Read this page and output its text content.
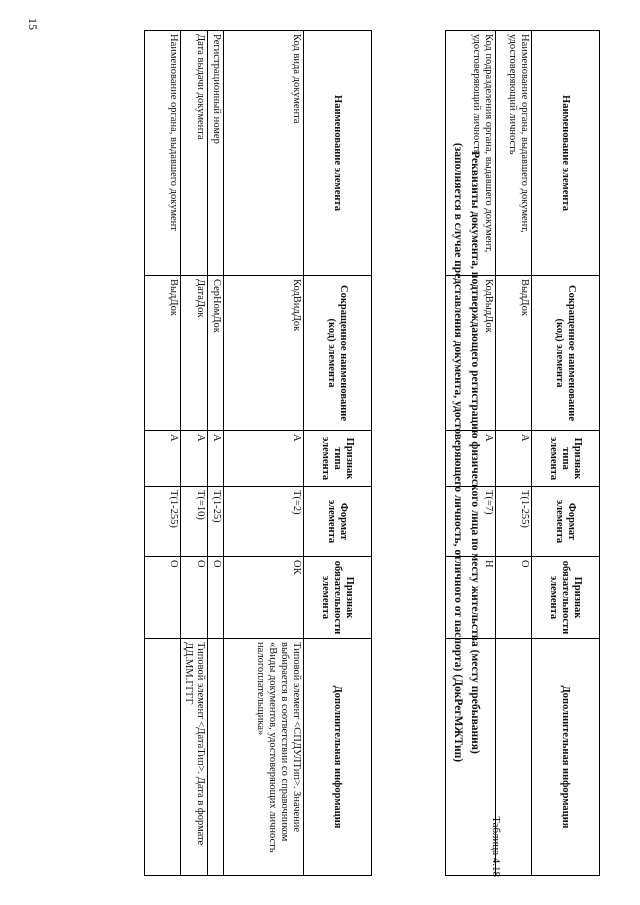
15
Наименование элемента	Сокращенное наименование (код) элемента	Признак типа элемента	Формат элемента	Признак обязательности элемента	Дополнительная информация
Наименование органа, выдавшего документ, удостоверяющий личность	ВыдДок	А	T(1-255)	О	
Код подразделения органа, выдавшего документ, удостоверяющий личность	КодВыдДок	А	T(=7)	Н	
Таблица 4.18
Реквизиты документа, подтверждающего регистрацию физического лица по месту жительства (месту пребывания)
(заполняется в случае представления документа, удостоверяющего личность, отличного от паспорта) (ДокРегМЖТип)
Наименование элемента	Сокращенное наименование (код) элемента	Признак типа элемента	Формат элемента	Признак обязательности элемента	Дополнительная информация
Код вида документа	КодВидДок	А	T(=2)	ОК	Типовой элемент <СПДУЛТип>. Значение выбирается в соответствии со справочником «Виды документов, удостоверяющих личность налогоплательщика»
Регистрационный номер	СерНомДок	А	T(1-25)	О	
Дата выдачи документа	ДатаДок	А	T(=10)	О	Типовой элемент <ДатаТип>. Дата в формате ДД.ММ.ГГГГ
Наименование органа, выдавшего документ	ВыдДок	А	T(1-255)	О	
